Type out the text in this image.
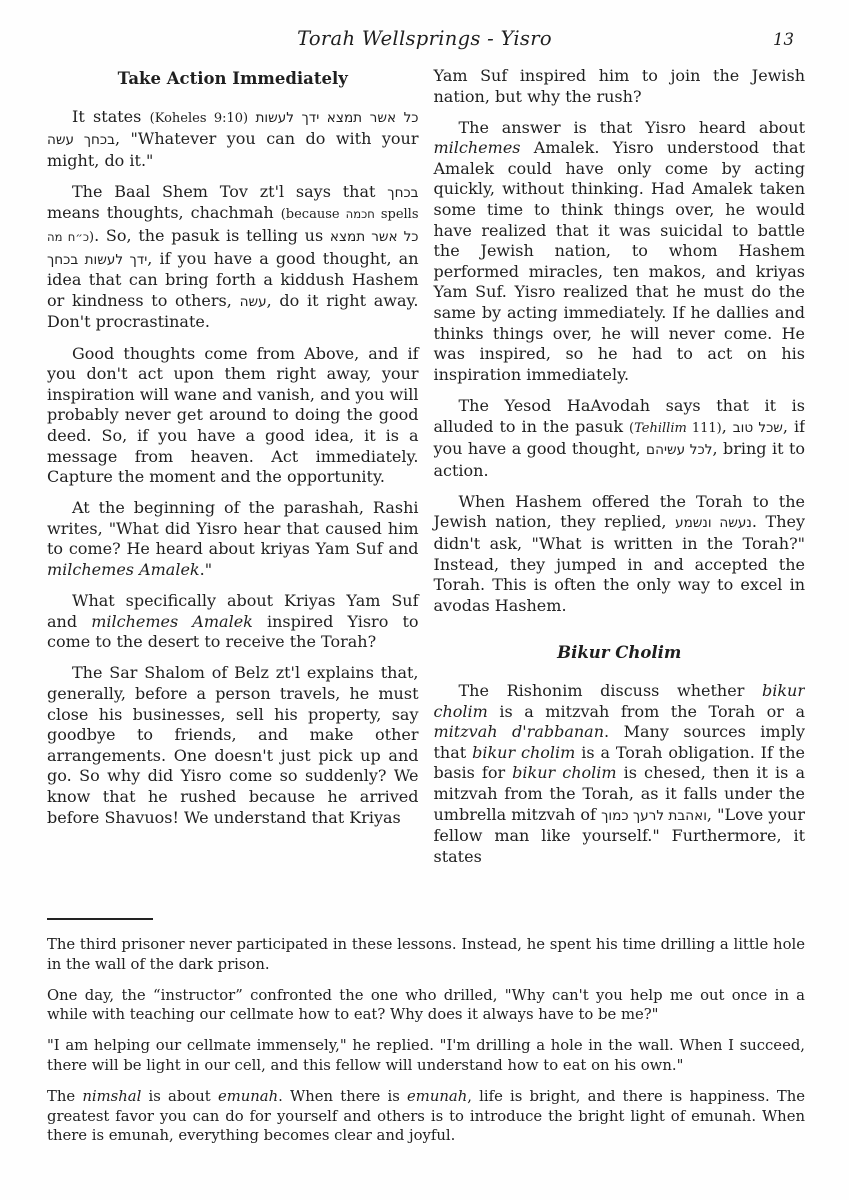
Torah Wellsprings - Yisro	13
Take Action Immediately

It states (Koheles 9:10) כל אשר תמצא ידך לעשות בכחך עשה, "Whatever you can do with your might, do it."

The Baal Shem Tov zt'l says that בכחך means thoughts, chachmah (because חכמה spells כ״ח מה). So, the pasuk is telling us כל אשר תמצא ידך לעשות בכחך, if you have a good thought, an idea that can bring forth a kiddush Hashem or kindness to others, עשה, do it right away. Don't procrastinate.

Good thoughts come from Above, and if you don't act upon them right away, your inspiration will wane and vanish, and you will probably never get around to doing the good deed. So, if you have a good idea, it is a message from heaven. Act immediately. Capture the moment and the opportunity.

At the beginning of the parashah, Rashi writes, "What did Yisro hear that caused him to come? He heard about kriyas Yam Suf and milchemes Amalek."

What specifically about Kriyas Yam Suf and milchemes Amalek inspired Yisro to come to the desert to receive the Torah?

The Sar Shalom of Belz zt'l explains that, generally, before a person travels, he must close his businesses, sell his property, say goodbye to friends, and make other arrangements. One doesn't just pick up and go. So why did Yisro come so suddenly? We know that he rushed because he arrived before Shavuos! We understand that Kriyas

Yam Suf inspired him to join the Jewish nation, but why the rush?

The answer is that Yisro heard about milchemes Amalek. Yisro understood that Amalek could have only come by acting quickly, without thinking. Had Amalek taken some time to think things over, he would have realized that it was suicidal to battle the Jewish nation, to whom Hashem performed miracles, ten makos, and kriyas Yam Suf. Yisro realized that he must do the same by acting immediately. If he dallies and thinks things over, he will never come. He was inspired, so he had to act on his inspiration immediately.

The Yesod HaAvodah says that it is alluded to in the pasuk (Tehillim 111), שכל טוב, if you have a good thought, לכל עשיהם, bring it to action.

When Hashem offered the Torah to the Jewish nation, they replied, נעשה ונשמע. They didn't ask, "What is written in the Torah?" Instead, they jumped in and accepted the Torah. This is often the only way to excel in avodas Hashem.

Bikur Cholim

The Rishonim discuss whether bikur cholim is a mitzvah from the Torah or a mitzvah d'rabbanan. Many sources imply that bikur cholim is a Torah obligation. If the basis for bikur cholim is chesed, then it is a mitzvah from the Torah, as it falls under the umbrella mitzvah of ואהבת לרעך כמוך, "Love your fellow man like yourself." Furthermore, it states

The third prisoner never participated in these lessons. Instead, he spent his time drilling a little hole in the wall of the dark prison.

One day, the “instructor” confronted the one who drilled, "Why can't you help me out once in a while with teaching our cellmate how to eat? Why does it always have to be me?"

"I am helping our cellmate immensely," he replied. "I'm drilling a hole in the wall. When I succeed, there will be light in our cell, and this fellow will understand how to eat on his own."

The nimshal is about emunah. When there is emunah, life is bright, and there is happiness. The greatest favor you can do for yourself and others is to introduce the bright light of emunah. When there is emunah, everything becomes clear and joyful.
